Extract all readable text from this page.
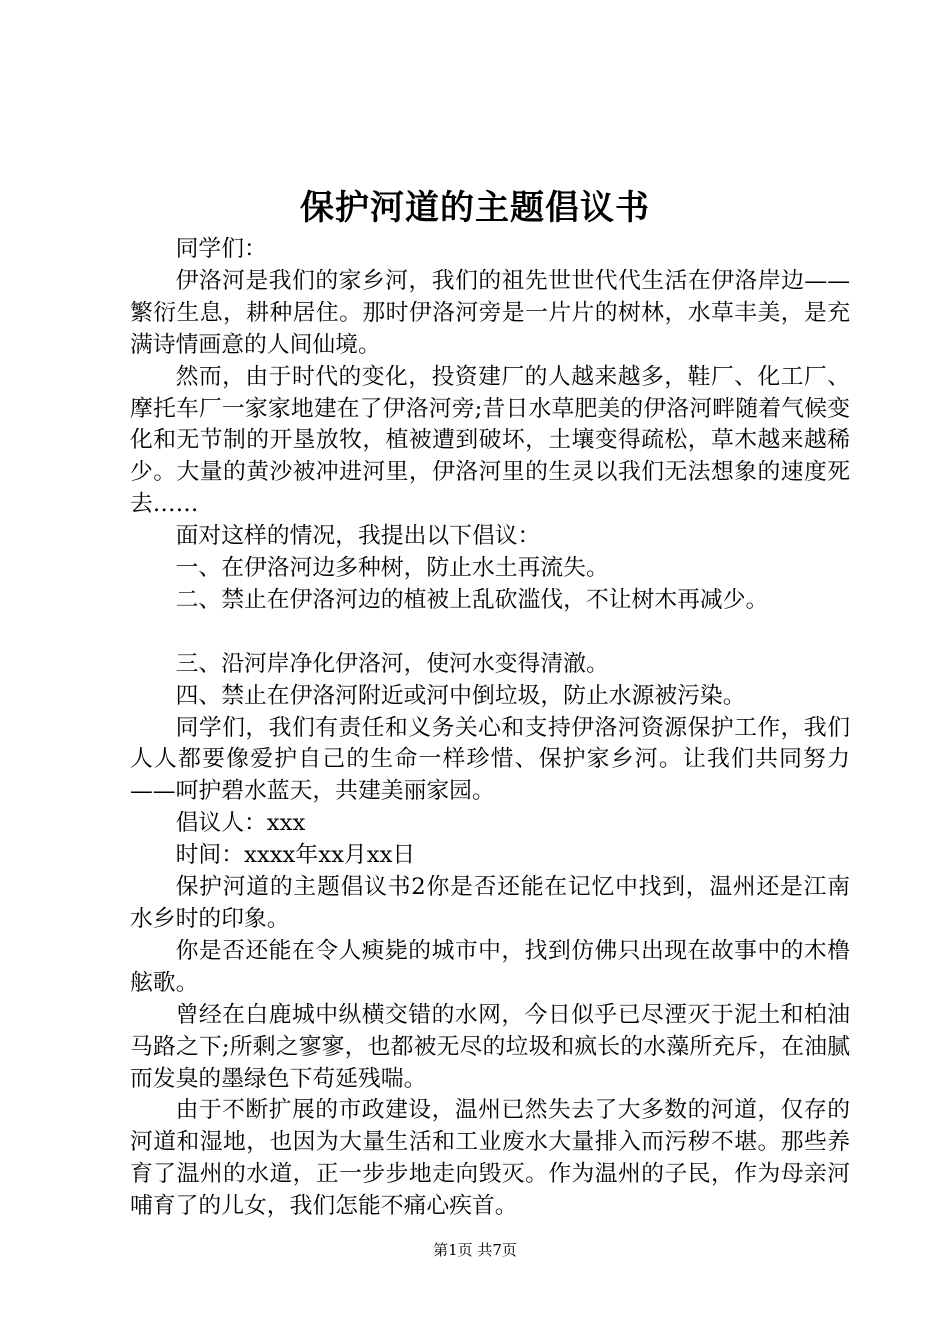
保护河道的主题倡议书

同学们：

伊洛河是我们的家乡河，我们的祖先世世代代生活在伊洛岸边——繁衍生息，耕种居住。那时伊洛河旁是一片片的树林，水草丰美，是充满诗情画意的人间仙境。

然而，由于时代的变化，投资建厂的人越来越多，鞋厂、化工厂、摩托车厂一家家地建在了伊洛河旁;昔日水草肥美的伊洛河畔随着气候变化和无节制的开垦放牧，植被遭到破坏，土壤变得疏松，草木越来越稀少。大量的黄沙被冲进河里，伊洛河里的生灵以我们无法想象的速度死去……

面对这样的情况，我提出以下倡议：

一、在伊洛河边多种树，防止水土再流失。

二、禁止在伊洛河边的植被上乱砍滥伐，不让树木再减少。

三、沿河岸净化伊洛河，使河水变得清澈。

四、禁止在伊洛河附近或河中倒垃圾，防止水源被污染。

同学们，我们有责任和义务关心和支持伊洛河资源保护工作，我们人人都要像爱护自己的生命一样珍惜、保护家乡河。让我们共同努力——呵护碧水蓝天，共建美丽家园。

倡议人：xxx

时间：xxxx年xx月xx日

保护河道的主题倡议书2你是否还能在记忆中找到，温州还是江南水乡时的印象。

你是否还能在令人瘐毙的城市中，找到仿佛只出现在故事中的木橹舷歌。

曾经在白鹿城中纵横交错的水网，今日似乎已尽湮灭于泥土和柏油马路之下;所剩之寥寥，也都被无尽的垃圾和疯长的水藻所充斥，在油腻而发臭的墨绿色下苟延残喘。

由于不断扩展的市政建设，温州已然失去了大多数的河道，仅存的河道和湿地，也因为大量生活和工业废水大量排入而污秽不堪。那些养育了温州的水道，正一步步地走向毁灭。作为温州的子民，作为母亲河哺育了的儿女，我们怎能不痛心疾首。

第1页 共7页
